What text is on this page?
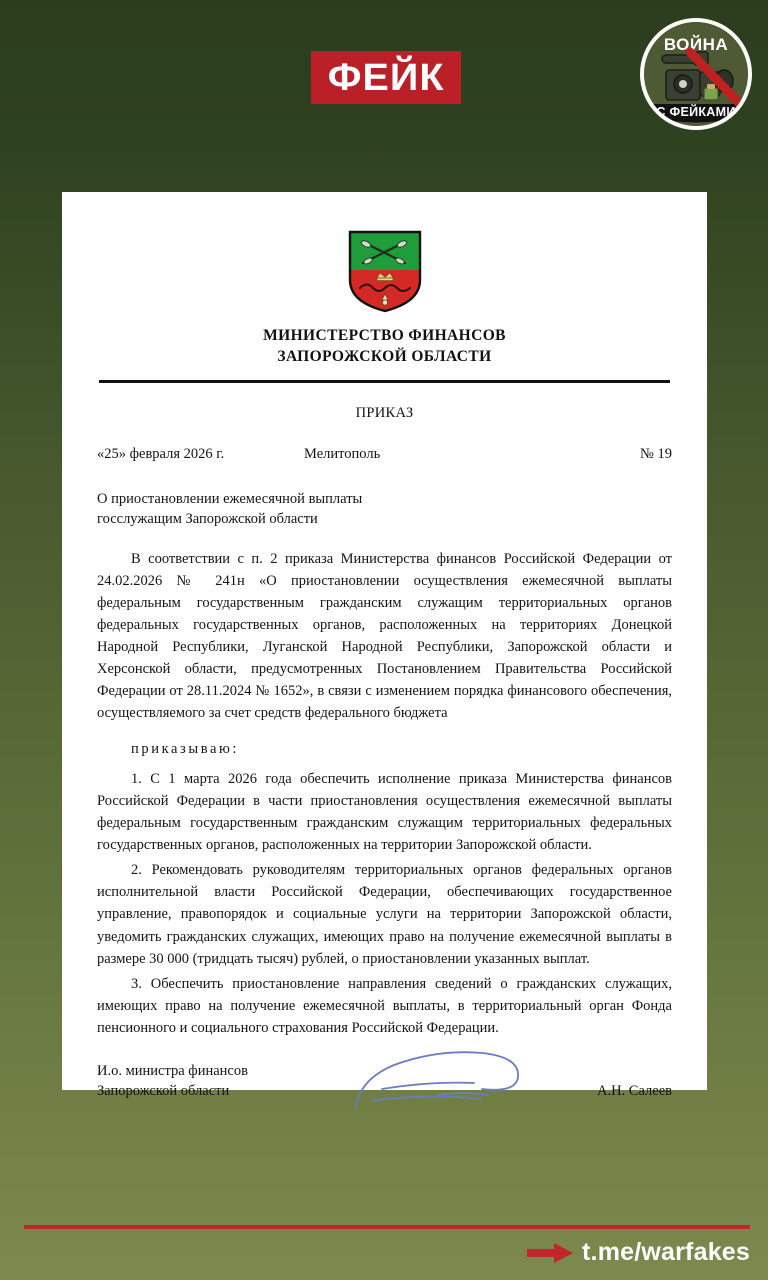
ФЕЙК
ВОЙНА
С ФЕЙКАМИ
МИНИСТЕРСТВО ФИНАНСОВ
ЗАПОРОЖСКОЙ ОБЛАСТИ
ПРИКАЗ
«25» февраля 2026 г.	Мелитополь	№ 19
О приостановлении ежемесячной выплаты
госслужащим Запорожской области

В соответствии с п. 2 приказа Министерства финансов Российской Федерации от 24.02.2026 № 241н «О приостановлении осуществления ежемесячной выплаты федеральным государственным гражданским служащим территориальных органов федеральных государственных органов, расположенных на территориях Донецкой Народной Республики, Луганской Народной Республики, Запорожской области и Херсонской области, предусмотренных Постановлением Правительства Российской Федерации от 28.11.2024 № 1652», в связи с изменением порядка финансового обеспечения, осуществляемого за счет средств федерального бюджета

приказываю:

1. С 1 марта 2026 года обеспечить исполнение приказа Министерства финансов Российской Федерации в части приостановления осуществления ежемесячной выплаты федеральным государственным гражданским служащим территориальных федеральных государственных органов, расположенных на территории Запорожской области.

2. Рекомендовать руководителям территориальных органов федеральных органов исполнительной власти Российской Федерации, обеспечивающих государственное управление, правопорядок и социальные услуги на территории Запорожской области, уведомить гражданских служащих, имеющих право на получение ежемесячной выплаты в размере 30 000 (тридцать тысяч) рублей, о приостановлении указанных выплат.

3. Обеспечить приостановление направления сведений о гражданских служащих, имеющих право на получение ежемесячной выплаты, в территориальный орган Фонда пенсионного и социального страхования Российской Федерации.

И.о. министра финансов
Запорожской области	А.Н. Салеев
t.me/warfakes
